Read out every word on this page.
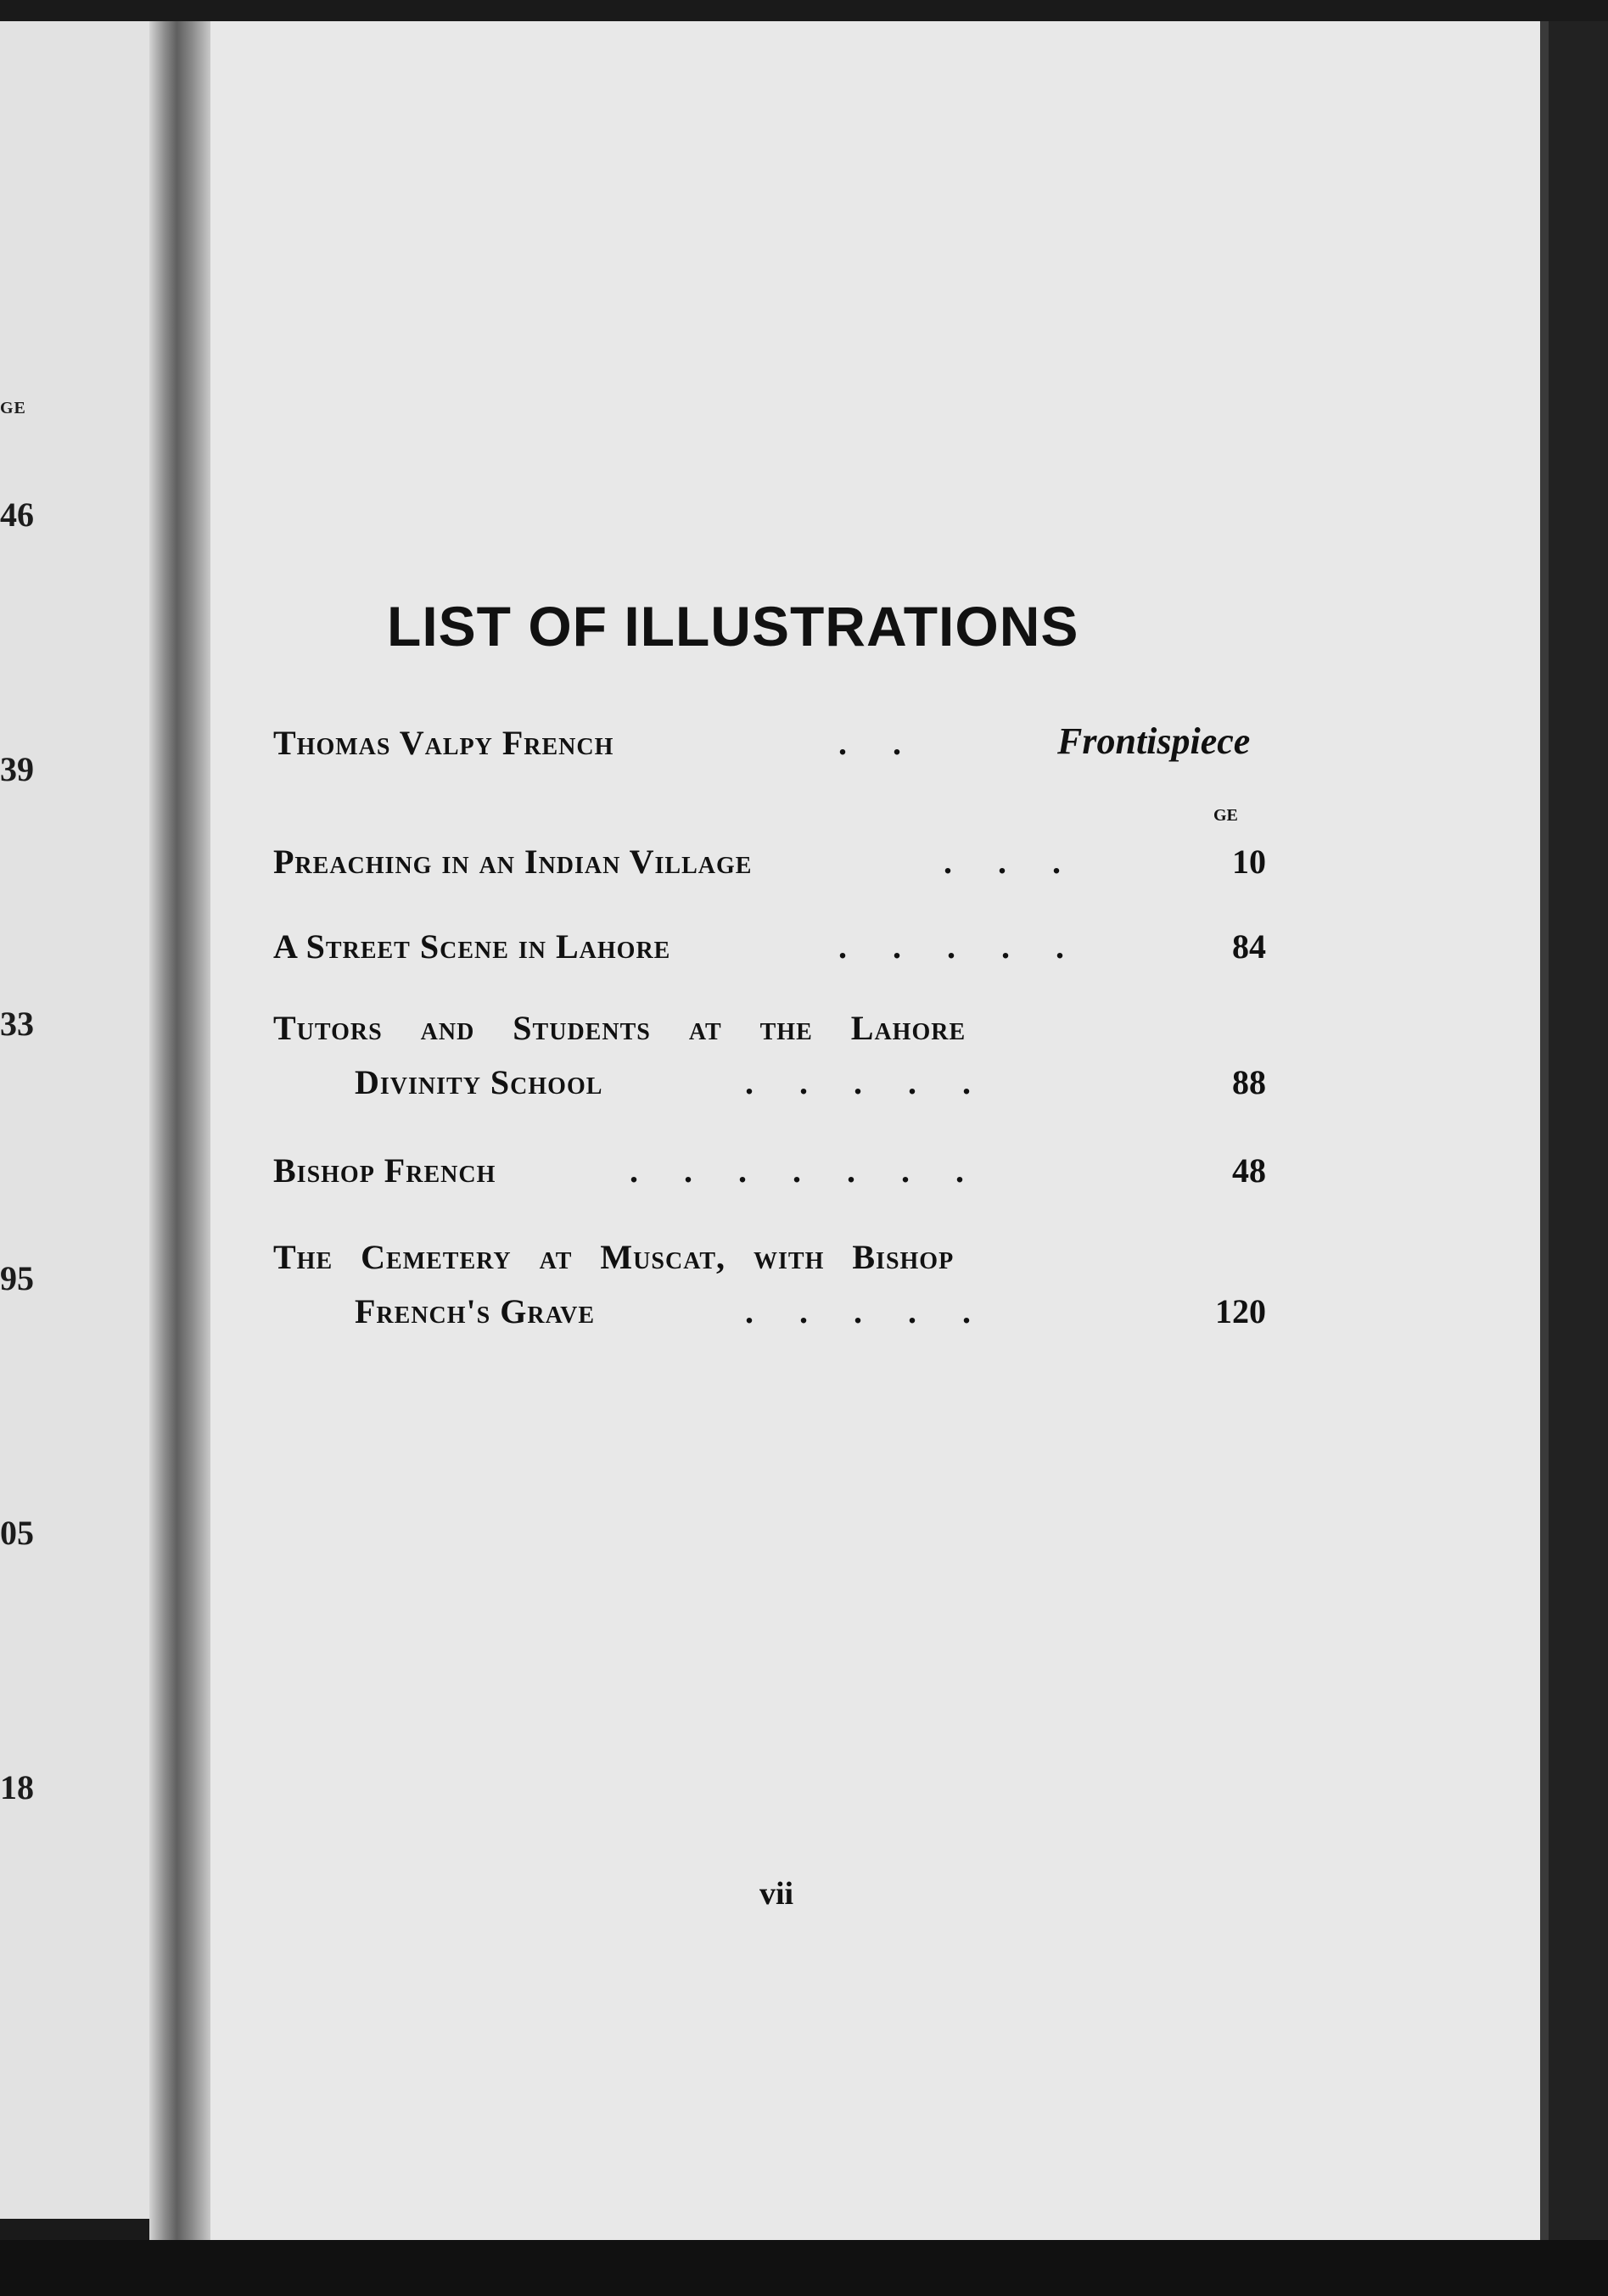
GE
46
39
33
95
05
18
LIST OF ILLUSTRATIONS
Thomas Valpy French	..	Frontispiece
GE
Preaching in an Indian Village	...	10
A Street Scene in Lahore	.....	84
Tutors and Students at the Lahore
Divinity School	.....	88
Bishop French	.......	48
The Cemetery at Muscat, with Bishop
French's Grave	.....	120
vii
